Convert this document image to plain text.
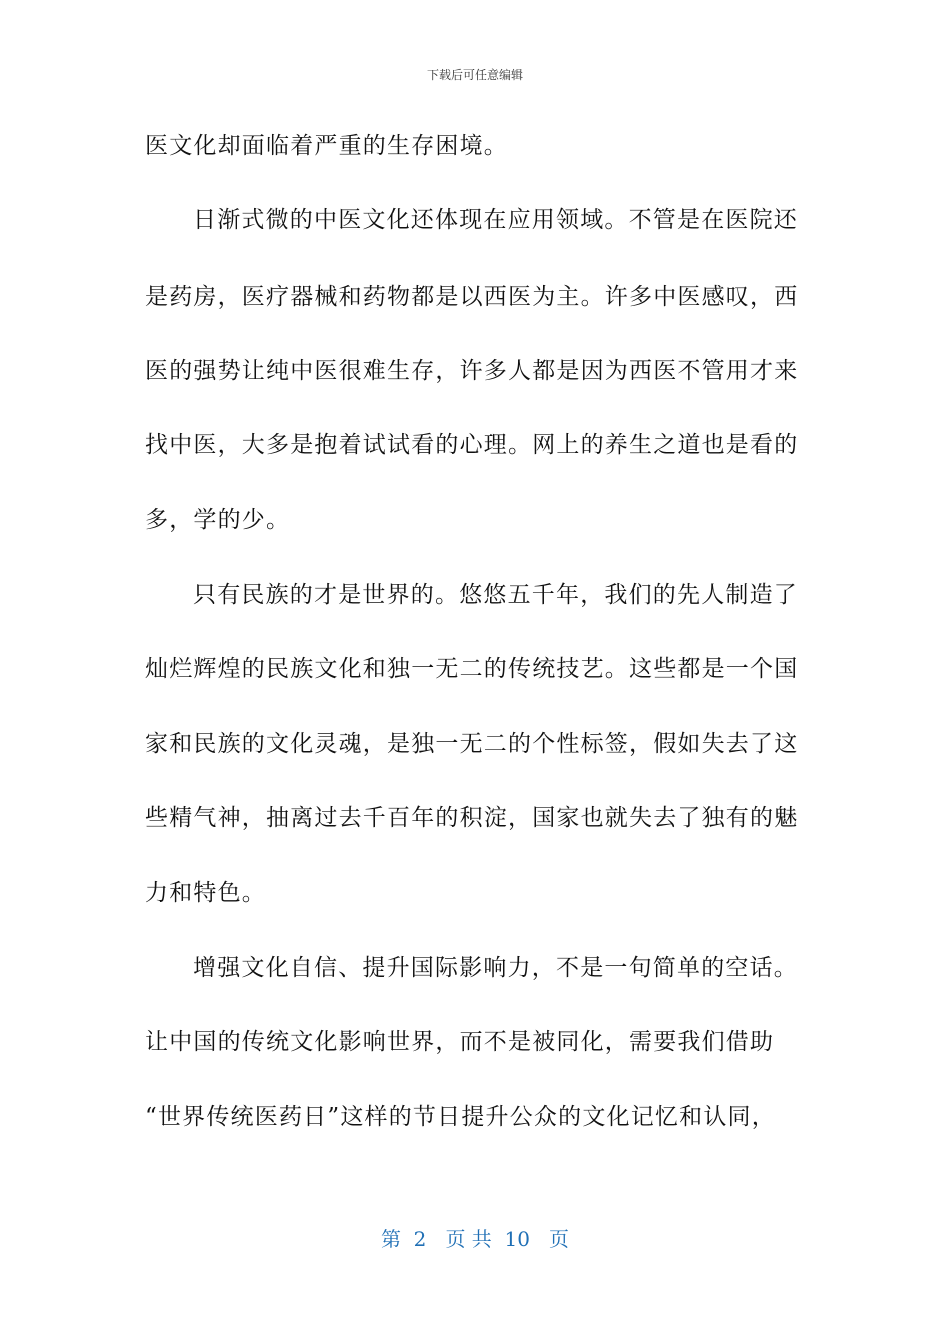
下载后可任意编辑
医文化却面临着严重的生存困境。
日渐式微的中医文化还体现在应用领域。不管是在医院还
是药房，医疗器械和药物都是以西医为主。许多中医感叹，西
医的强势让纯中医很难生存，许多人都是因为西医不管用才来
找中医，大多是抱着试试看的心理。网上的养生之道也是看的
多，学的少。
只有民族的才是世界的。悠悠五千年，我们的先人制造了
灿烂辉煌的民族文化和独一无二的传统技艺。这些都是一个国
家和民族的文化灵魂，是独一无二的个性标签，假如失去了这
些精气神，抽离过去千百年的积淀，国家也就失去了独有的魅
力和特色。
增强文化自信、提升国际影响力，不是一句简单的空话。
让中国的传统文化影响世界，而不是被同化，需要我们借助
“世界传统医药日”这样的节日提升公众的文化记忆和认同，
第  2   页 共  10   页
